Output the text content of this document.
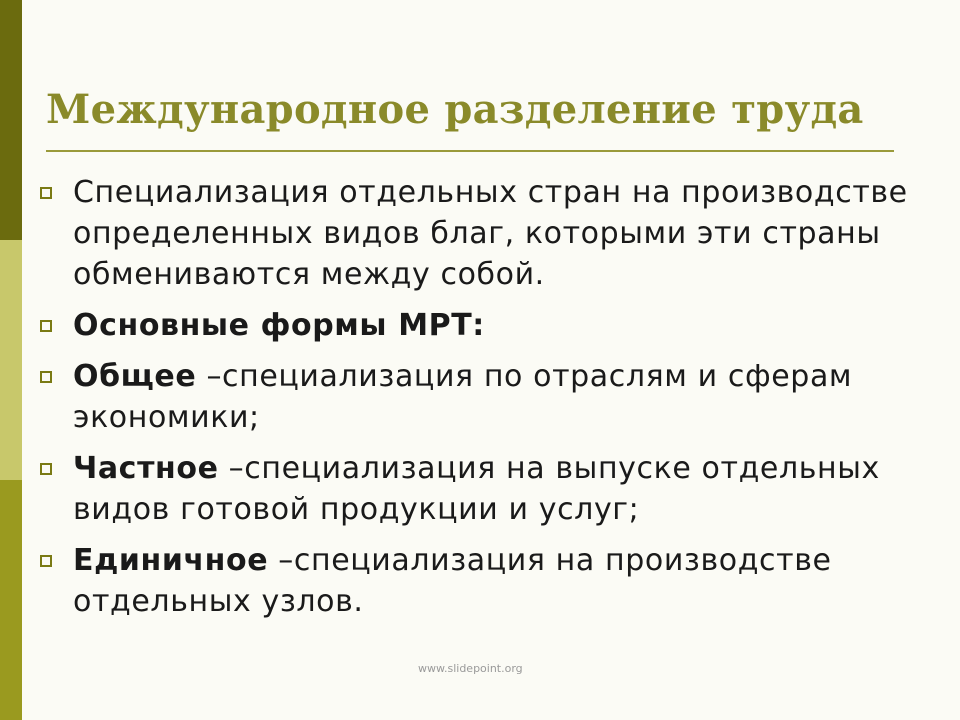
Международное разделение труда
Специализация отдельных стран на производстве определенных видов благ, которыми эти страны обмениваются между собой.
Основные формы МРТ:
Общее –специализация по отраслям и сферам экономики;
Частное –специализация на выпуске отдельных видов готовой продукции и услуг;
Единичное –специализация на производстве отдельных узлов.
www.slidepoint.org
